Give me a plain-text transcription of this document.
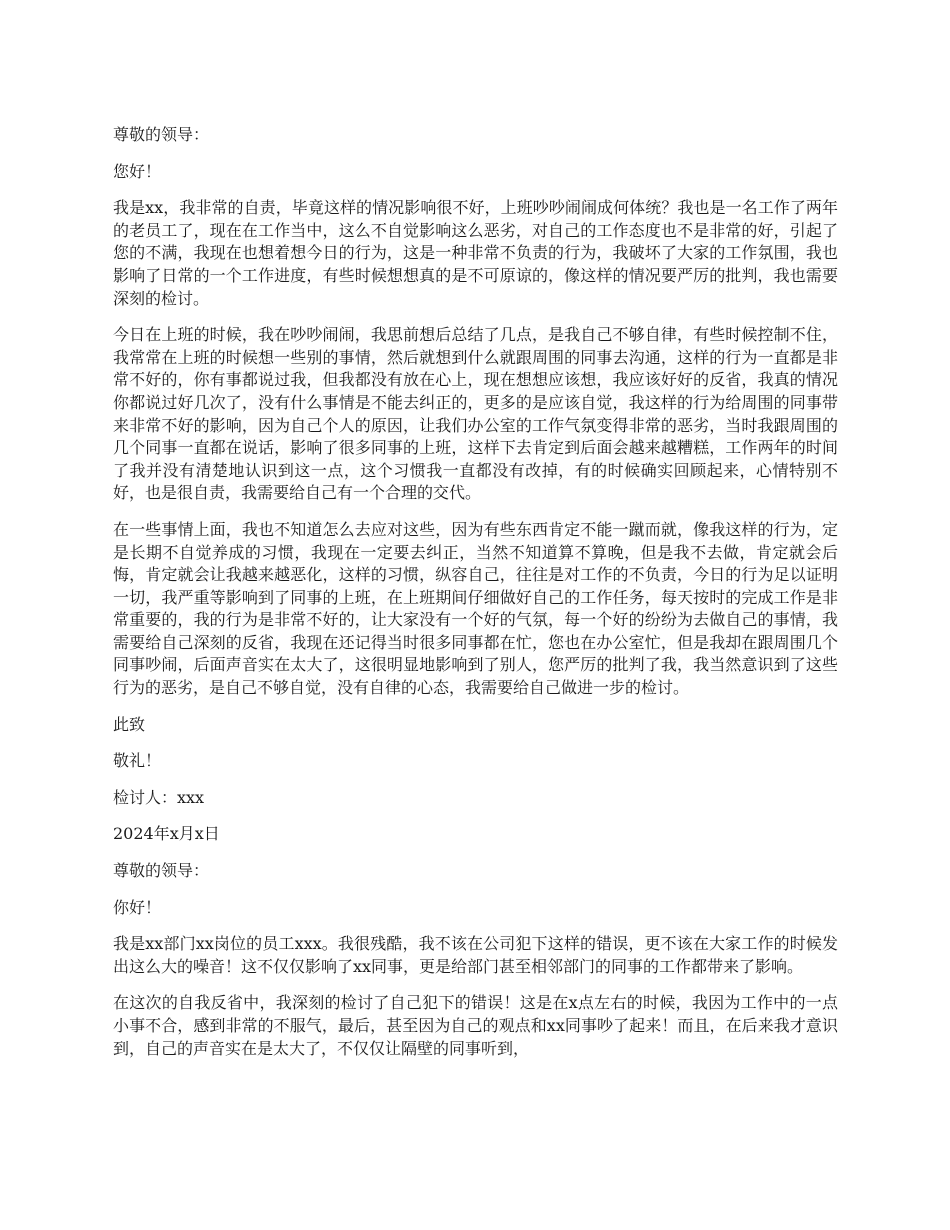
尊敬的领导：

您好！

我是xx，我非常的自责，毕竟这样的情况影响很不好，上班吵吵闹闹成何体统？我也是一名工作了两年的老员工了，现在在工作当中，这么不自觉影响这么恶劣，对自己的工作态度也不是非常的好，引起了您的不满，我现在也想着想今日的行为，这是一种非常不负责的行为，我破坏了大家的工作氛围，我也影响了日常的一个工作进度，有些时候想想真的是不可原谅的，像这样的情况要严厉的批判，我也需要深刻的检讨。

今日在上班的时候，我在吵吵闹闹，我思前想后总结了几点，是我自己不够自律，有些时候控制不住，我常常在上班的时候想一些别的事情，然后就想到什么就跟周围的同事去沟通，这样的行为一直都是非常不好的，你有事都说过我，但我都没有放在心上，现在想想应该想，我应该好好的反省，我真的情况你都说过好几次了，没有什么事情是不能去纠正的，更多的是应该自觉，我这样的行为给周围的同事带来非常不好的影响，因为自己个人的原因，让我们办公室的工作气氛变得非常的恶劣，当时我跟周围的几个同事一直都在说话，影响了很多同事的上班，这样下去肯定到后面会越来越糟糕，工作两年的时间了我并没有清楚地认识到这一点，这个习惯我一直都没有改掉，有的时候确实回顾起来，心情特别不好，也是很自责，我需要给自己有一个合理的交代。

在一些事情上面，我也不知道怎么去应对这些，因为有些东西肯定不能一蹴而就，像我这样的行为，定是长期不自觉养成的习惯，我现在一定要去纠正，当然不知道算不算晚，但是我不去做，肯定就会后悔，肯定就会让我越来越恶化，这样的习惯，纵容自己，往往是对工作的不负责，今日的行为足以证明一切，我严重等影响到了同事的上班，在上班期间仔细做好自己的工作任务，每天按时的完成工作是非常重要的，我的行为是非常不好的，让大家没有一个好的气氛，每一个好的纷纷为去做自己的事情，我需要给自己深刻的反省，我现在还记得当时很多同事都在忙，您也在办公室忙，但是我却在跟周围几个同事吵闹，后面声音实在太大了，这很明显地影响到了别人，您严厉的批判了我，我当然意识到了这些行为的恶劣，是自己不够自觉，没有自律的心态，我需要给自己做进一步的检讨。

此致

敬礼！

检讨人：xxx

2024年x月x日

尊敬的领导：

你好！

我是xx部门xx岗位的员工xxx。我很残酷，我不该在公司犯下这样的错误，更不该在大家工作的时候发出这么大的噪音！这不仅仅影响了xx同事，更是给部门甚至相邻部门的同事的工作都带来了影响。

在这次的自我反省中，我深刻的检讨了自己犯下的错误！这是在x点左右的时候，我因为工作中的一点小事不合，感到非常的不服气，最后，甚至因为自己的观点和xx同事吵了起来！而且，在后来我才意识到，自己的声音实在是太大了，不仅仅让隔壁的同事听到，
